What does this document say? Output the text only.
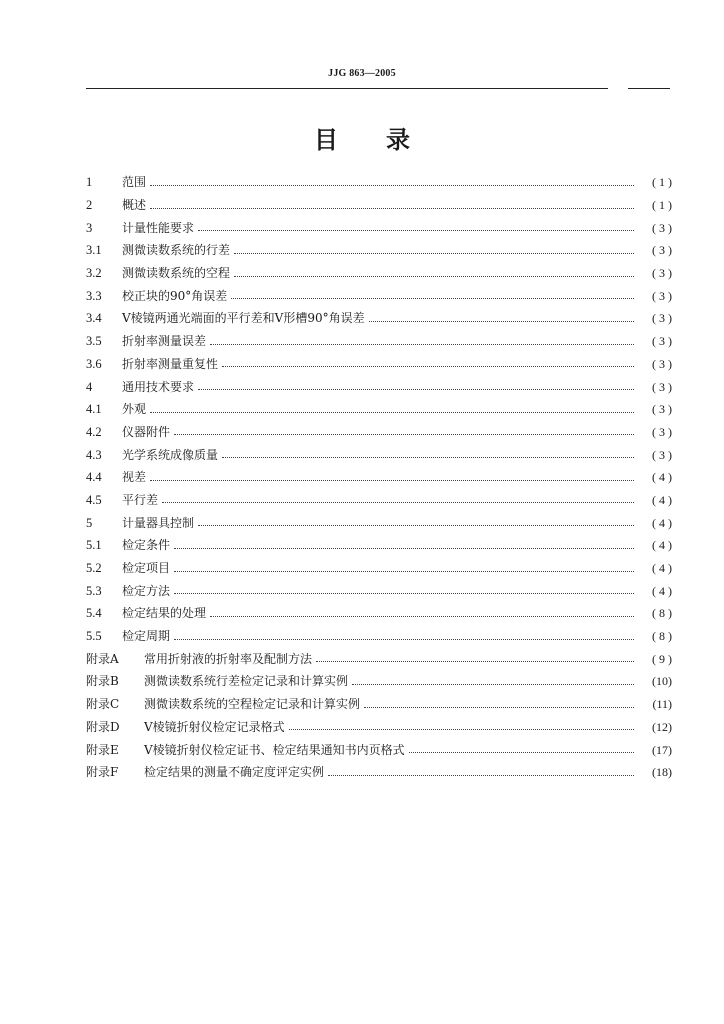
JJG 863—2005
目录
1	范围	( 1 )
2	概述	( 1 )
3	计量性能要求	( 3 )
3.1	测微读数系统的行差	( 3 )
3.2	测微读数系统的空程	( 3 )
3.3	校正块的90°角误差	( 3 )
3.4	V棱镜两通光端面的平行差和V形槽90°角误差	( 3 )
3.5	折射率测量误差	( 3 )
3.6	折射率测量重复性	( 3 )
4	通用技术要求	( 3 )
4.1	外观	( 3 )
4.2	仪器附件	( 3 )
4.3	光学系统成像质量	( 3 )
4.4	视差	( 4 )
4.5	平行差	( 4 )
5	计量器具控制	( 4 )
5.1	检定条件	( 4 )
5.2	检定项目	( 4 )
5.3	检定方法	( 4 )
5.4	检定结果的处理	( 8 )
5.5	检定周期	( 8 )
附录A	常用折射液的折射率及配制方法	( 9 )
附录B	测微读数系统行差检定记录和计算实例	(10)
附录C	测微读数系统的空程检定记录和计算实例	(11)
附录D	V棱镜折射仪检定记录格式	(12)
附录E	V棱镜折射仪检定证书、检定结果通知书内页格式	(17)
附录F	检定结果的测量不确定度评定实例	(18)
